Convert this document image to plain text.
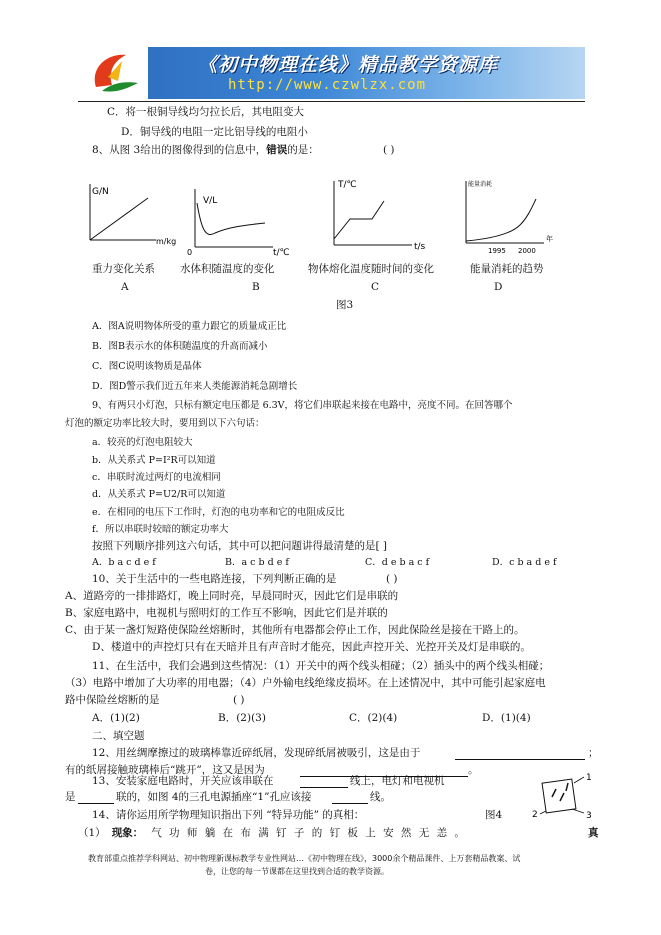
《初中物理在线》精品教学资源库
http://www.czwlzx.com
C．将一根铜导线均匀拉长后，其电阻变大
D．铜导线的电阻一定比铝导线的电阻小
8、从图 3给出的图像得到的信息中，错误的是：	( )
G/N
m/kg
V/L
0	t/℃
T/℃
t/s
能量消耗
1995 2000
年
重力变化关系 水体积随温度的变化	物体熔化温度随时间的变化	能量消耗的趋势
A	B	C	D
图3
A．图A说明物体所受的重力跟它的质量成正比
B．图B表示水的体积随温度的升高而减小
C．图C说明该物质是晶体
D．图D警示我们近五年来人类能源消耗急剧增长
9、有两只小灯泡，只标有额定电压都是 6.3V，将它们串联起来接在电路中，亮度不同。在回答哪个
灯泡的额定功率比较大时，要用到以下六句话：
a．较亮的灯泡电阻较大
b．从关系式 P=I²R可以知道
c．串联时流过两灯的电流相同
d．从关系式 P=U2/R可以知道
e．在相同的电压下工作时，灯泡的电功率和它的电阻成反比
f．所以串联时较暗的额定功率大
按照下列顺序排列这六句话，其中可以把问题讲得最清楚的是[ ]
A．b a c d e f	B．a c b d e f	C．d e b a c f	D．c b a d e f
10、关于生活中的一些电路连接，下列判断正确的是	( )
A、道路旁的一排排路灯，晚上同时亮，早晨同时灭，因此它们是串联的
B、家庭电路中，电视机与照明灯的工作互不影响，因此它们是并联的
C、由于某一盏灯短路使保险丝熔断时，其他所有电器都会停止工作，因此保险丝是接在干路上的。
D、楼道中的声控灯只有在天暗并且有声音时才能亮，因此声控开关、光控开关及灯是串联的。
11、在生活中，我们会遇到这些情况：（1）开关中的两个线头相碰；（2）插头中的两个线头相碰；
（3）电路中增加了大功率的用电器；（4）户外输电线绝缘皮损坏。在上述情况中，其中可能引起家庭电
路中保险丝熔断的是	( )
A．(1)(2)	B．(2)(3)	C．(2)(4)	D．(1)(4)
二、填空题
12、用丝绸摩擦过的玻璃棒靠近碎纸屑，发现碎纸屑被吸引，这是由于	；
有的纸屑接触玻璃棒后“跳开”，这又是因为	。
13、安装家庭电路时，开关应该串联在	线上，电灯和电视机
是	联的，如图 4的三孔电源插座“1”孔应该接	线。
1
2	3
14、请你运用所学物理知识指出下列 “特异功能” 的真相：	图4
（1） 现象： 气 功 师 躺 在 布 满 钉 子 的 钉 板 上 安 然 无 恙 。	真
教育部重点推荐学科网站、初中物理新课标教学专业性网站…《初中物理在线》，3000余个精品课件、上万套精品教案、试
卷，让您的每一节课都在这里找到合适的教学资源。
